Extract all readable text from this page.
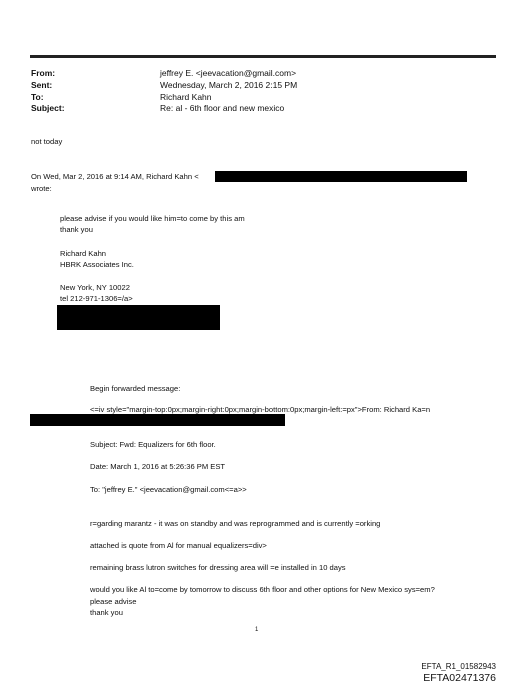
From:	jeffrey E. <jeevacation@gmail.com>
Sent:	Wednesday, March 2, 2016 2:15 PM
To:	Richard Kahn
Subject:	Re: al - 6th floor and new mexico
not today
On Wed, Mar 2, 2016 at 9:14 AM, Richard Kahn <
wrote:
please advise if you would like him=to come by this am
thank you
Richard Kahn
HBRK Associates Inc.
New York, NY 10022
tel 212-971-1306=/a>
Begin forwarded message:
<=iv style="margin-top:0px;margin-right:0px;margin-bottom:0px;margin-left:=px">From: Richard Ka=n
Subject: Fwd: Equalizers for 6th floor.
Date: March 1, 2016 at 5:26:36 PM EST
To: "jeffrey E." <jeevacation@gmail.com<=a>>
r=garding marantz - it was on standby and was reprogrammed and is currently =orking
attached is quote from Al for manual equalizers=div>
remaining brass lutron switches for dressing area will =e installed in 10 days
would you like Al to=come by tomorrow to discuss 6th floor and other options for New Mexico sys=em?
please advise
thank you
1
EFTA_R1_01582943
EFTA02471376
